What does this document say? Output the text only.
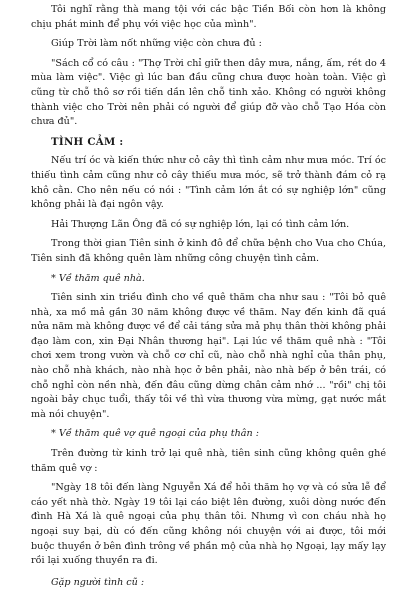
Tôi nghĩ rằng thà mang tội với các bậc Tiền Bối còn hơn là không chịu phát minh để phụ với việc học của mình".

Giúp Trời làm nốt những việc còn chưa đủ :

"Sách cổ có câu : "Thợ Trời chỉ giữ then dây mưa, nắng, ấm, rét do 4 mùa làm việc". Việc gì lúc ban đầu cũng chưa được hoàn toàn. Việc gì cũng từ chỗ thô sơ rồi tiến dần lên chỗ tinh xảo. Không có người không thành việc cho Trời nên phải có người để giúp đỡ vào chỗ Tạo Hóa còn chưa đủ".

TÌNH CẢM :

Nếu trí óc và kiến thức như cỏ cây thì tình cảm như mưa móc. Trí óc thiếu tình cảm cũng như cỏ cây thiếu mưa móc, sẽ trở thành đám cỏ rạ khô cằn. Cho nên nếu có nói : "Tình cảm lớn ắt có sự nghiệp lớn" cũng không phải là đại ngôn vậy.

Hải Thượng Lãn Ông đã có sự nghiệp lớn, lại có tình cảm lớn.

Trong thời gian Tiên sinh ở kinh đô để chữa bệnh cho Vua cho Chúa, Tiên sinh đã không quên làm những công chuyện tình cảm.

* Về thăm quê nhà.

Tiên sinh xin triều đình cho về quê thăm cha như sau : "Tôi bỏ quê nhà, xa mồ mả gần 30 năm không được về thăm. Nay đến kinh đã quá nửa năm mà không được về để cải táng sửa mả phụ thân thời không phải đạo làm con, xin Đại Nhân thương hại". Lại lúc về thăm quê nhà : "Tôi chơi xem trong vườn và chỗ cơ chỉ cũ, nào chỗ nhà nghỉ của thân phụ, nào chỗ nhà khách, nào nhà học ở bên phải, nào nhà bếp ở bên trái, có chỗ nghỉ còn nền nhà, đến đâu cũng dừng chân cảm nhớ ... "rồi" chị tôi ngoài bảy chục tuổi, thấy tôi về thì vừa thương vừa mừng, gạt nước mắt mà nói chuyện".

* Về thăm quê vợ quê ngoại của phụ thân :

Trên đường từ kinh trở lại quê nhà, tiên sinh cũng không quên ghé thăm quê vợ :

"Ngày 18 tôi đến làng Nguyễn Xá để hỏi thăm họ vợ và có sửa lễ để cáo yết nhà thờ. Ngày 19 tôi lại cáo biệt lên đường, xuôi dòng nước đến đình Hà Xá là quê ngoại của phụ thân tôi. Nhưng vì con cháu nhà họ ngoại suy bại, dù có đến cũng không nói chuyện với ai được, tôi mới buộc thuyền ở bên đình trông về phần mộ của nhà họ Ngoại, lạy mấy lạy rồi lại xuống thuyền ra đi.

Gặp người tình cũ :
